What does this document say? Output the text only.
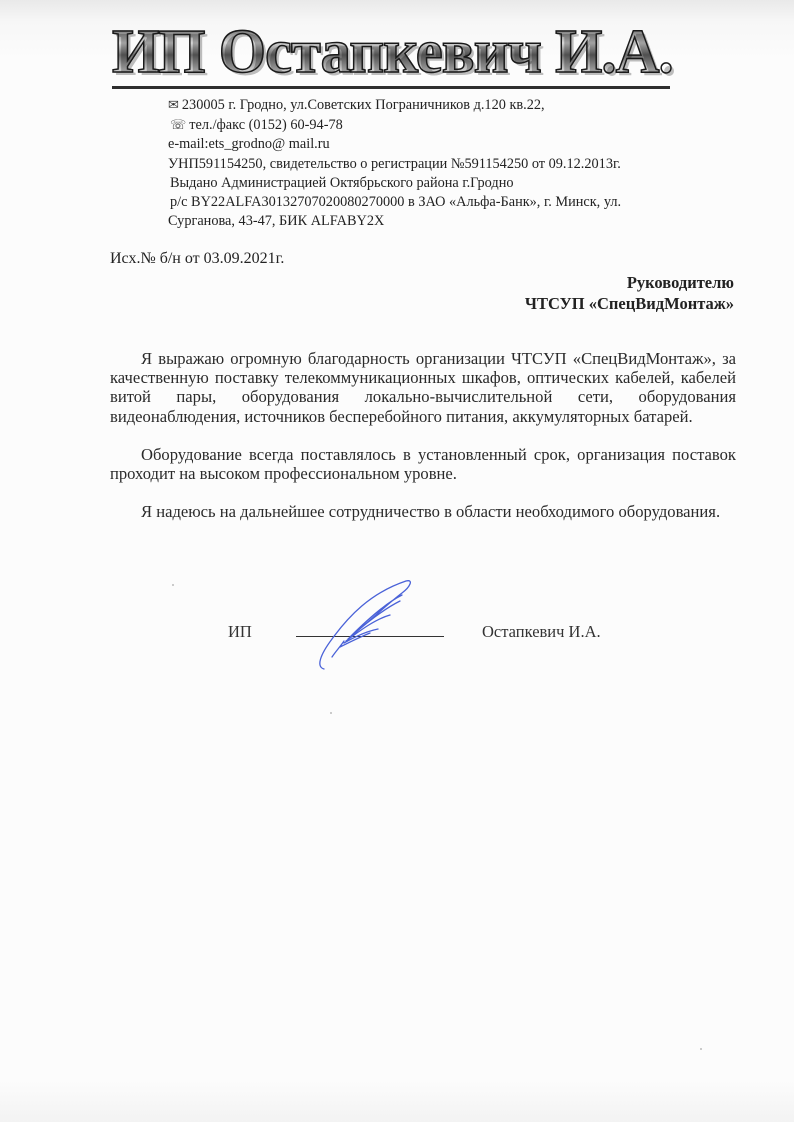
ИП Остапкевич И.А.
✉ 230005 г. Гродно, ул.Советских Пограничников д.120 кв.22,
☏ тел./факс (0152) 60-94-78
e-mail:ets_grodno@ mail.ru
УНП591154250, свидетельство о регистрации №591154250 от 09.12.2013г.
Выдано Администрацией Октябрьского района г.Гродно
р/с BY22ALFA30132707020080270000 в ЗАО «Альфа-Банк», г. Минск, ул.
Сурганова, 43-47, БИК ALFABY2X
Исх.№ б/н от 03.09.2021г.
Руководителю
ЧТСУП «СпецВидМонтаж»

Я выражаю огромную благодарность организации ЧТСУП «СпецВидМонтаж», за качественную поставку телекоммуникационных шкафов, оптических кабелей, кабелей витой пары, оборудования локально-вычислительной сети, оборудования видеонаблюдения, источников бесперебойного питания, аккумуляторных батарей.

Оборудование всегда поставлялось в установленный срок, организация поставок проходит на высоком профессиональном уровне.

Я надеюсь на дальнейшее сотрудничество в области необходимого оборудования.

ИП	Остапкевич И.А.
